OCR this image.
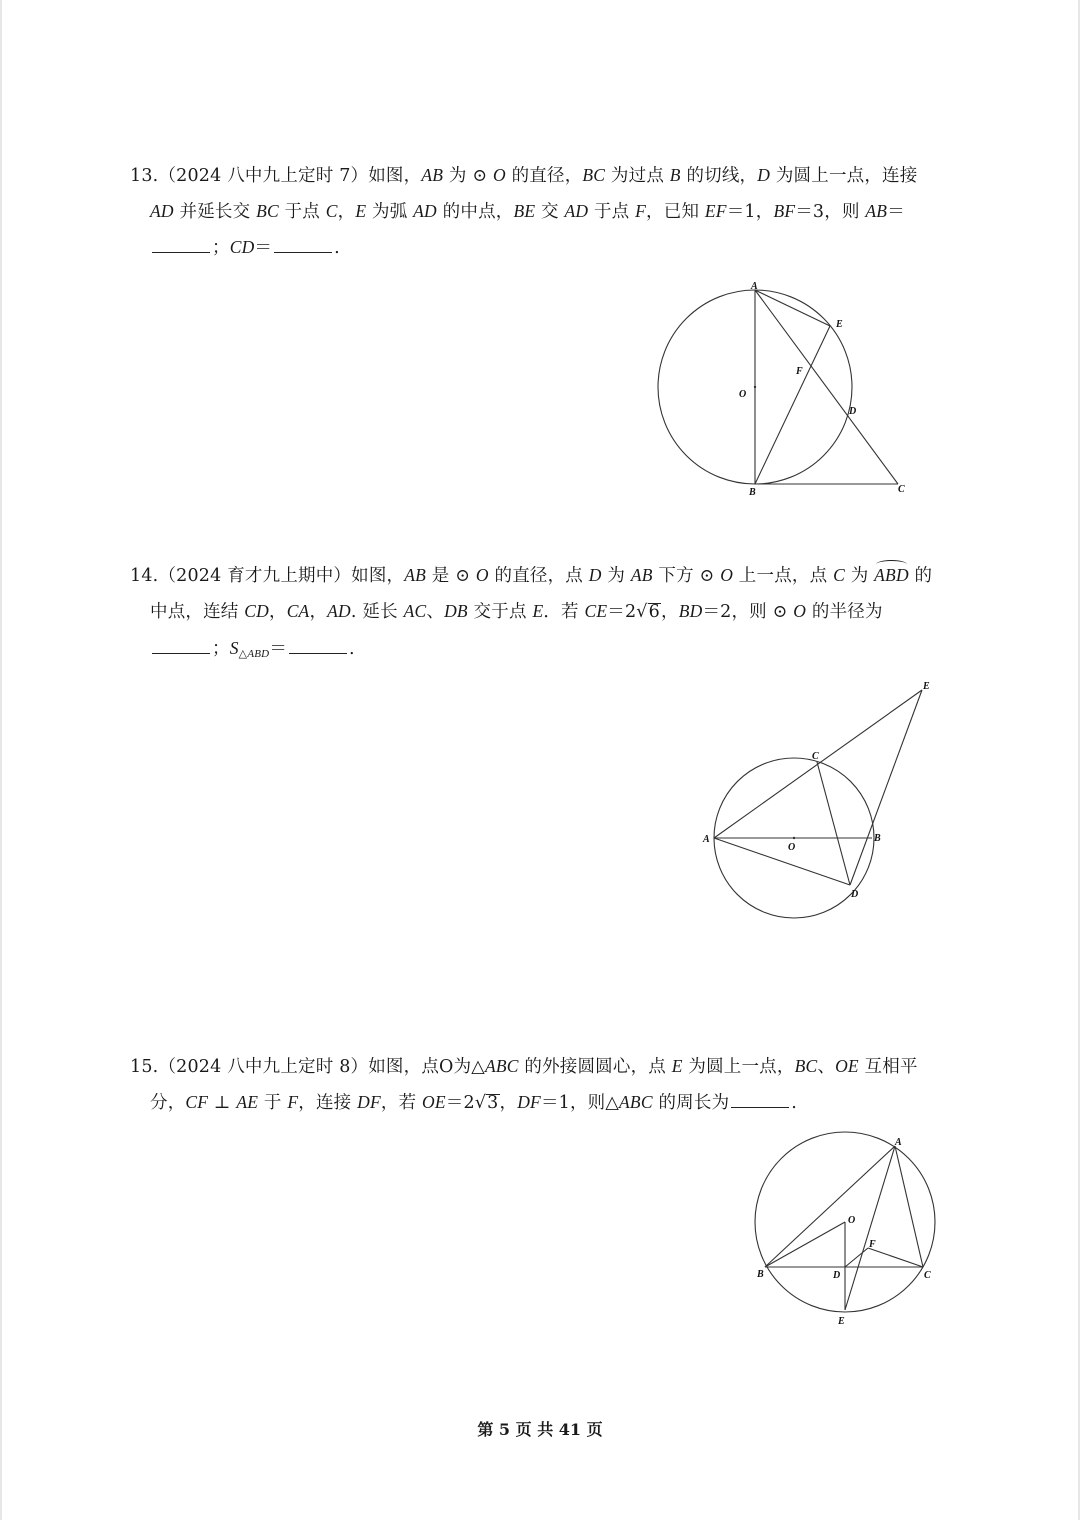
13.（2024 八中九上定时 7）如图，AB 为 ⊙ O 的直径，BC 为过点 B 的切线，D 为圆上一点，连接
AD 并延长交 BC 于点 C，E 为弧 AD 的中点，BE 交 AD 于点 F，已知 EF＝1，BF＝3，则 AB＝
；CD＝	.
A
E
F
O
D
B	C
14.（2024 育才九上期中）如图，AB 是 ⊙ O 的直径，点 D 为 AB 下方 ⊙ O 上一点，点 C 为 ABD 的
中点，连结 CD，CA，AD. 延长 AC、DB 交于点 E．若 CE＝2√6，BD＝2，则 ⊙ O 的半径为
；$S_{\triangle ABD}=$	.
E
C
A
O
B
D
15.（2024 八中九上定时 8）如图，点O为△ABC 的外接圆圆心，点 E 为圆上一点，BC、OE 互相平
分，CF ⊥ AE 于 F，连接 DF，若 OE＝2√3，DF＝1，则△ABC 的周长为	.
A
O
F
B	D	C
E
第 5 页 共 41 页
